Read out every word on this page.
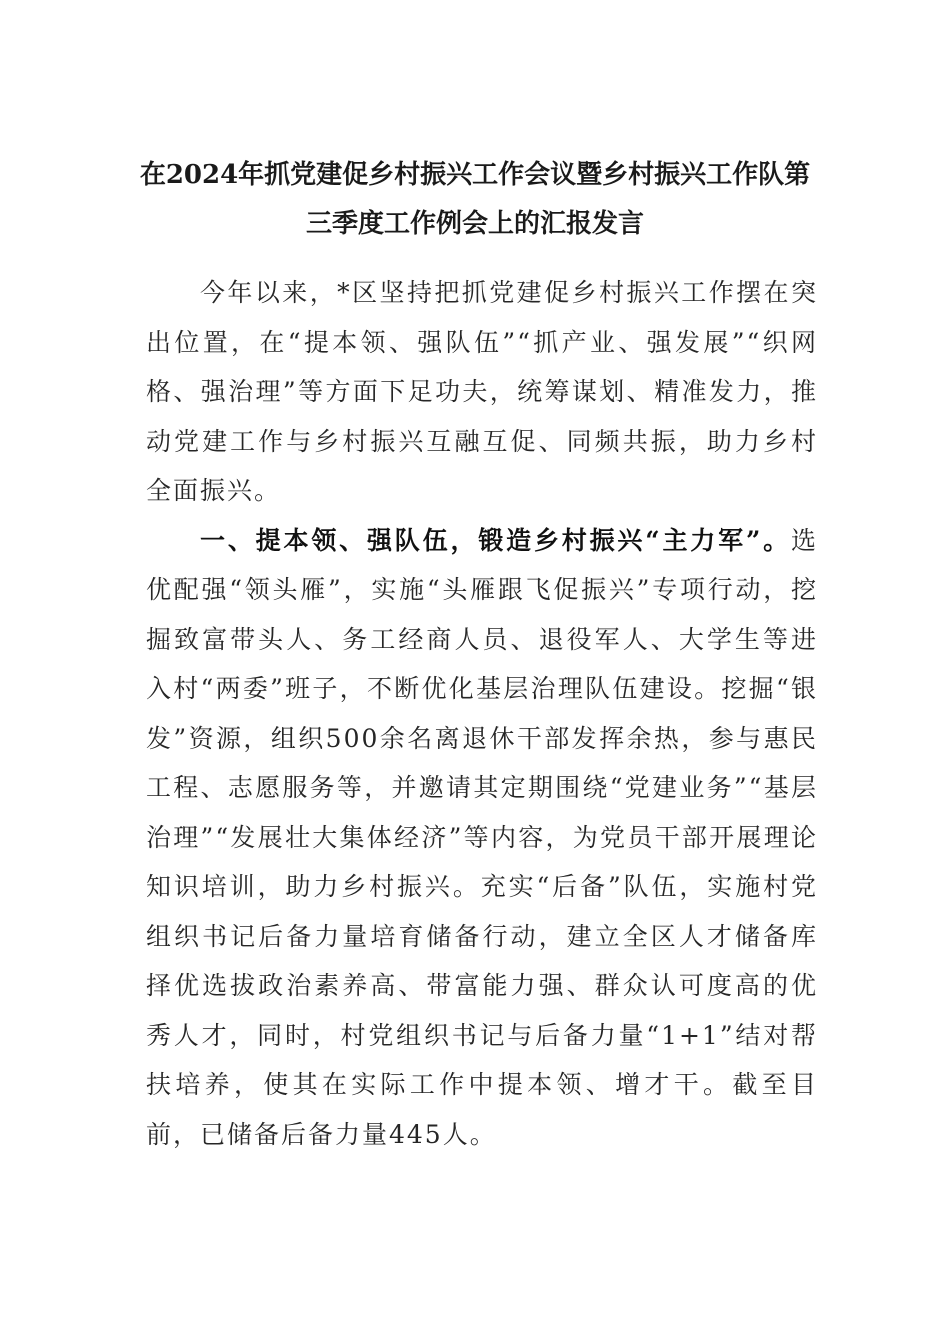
在2024年抓党建促乡村振兴工作会议暨乡村振兴工作队第
三季度工作例会上的汇报发言

今年以来，*区坚持把抓党建促乡村振兴工作摆在突出位置，在“提本领、强队伍”“抓产业、强发展”“织网格、强治理”等方面下足功夫，统筹谋划、精准发力，推动党建工作与乡村振兴互融互促、同频共振，助力乡村全面振兴。

一、提本领、强队伍，锻造乡村振兴“主力军”。选优配强“领头雁”，实施“头雁跟飞促振兴”专项行动，挖掘致富带头人、务工经商人员、退役军人、大学生等进入村“两委”班子，不断优化基层治理队伍建设。挖掘“银发”资源，组织500余名离退休干部发挥余热，参与惠民工程、志愿服务等，并邀请其定期围绕“党建业务”“基层治理”“发展壮大集体经济”等内容，为党员干部开展理论知识培训，助力乡村振兴。充实“后备”队伍，实施村党组织书记后备力量培育储备行动，建立全区人才储备库择优选拔政治素养高、带富能力强、群众认可度高的优秀人才，同时，村党组织书记与后备力量“1+1”结对帮扶培养，使其在实际工作中提本领、增才干。截至目前，已储备后备力量445人。
